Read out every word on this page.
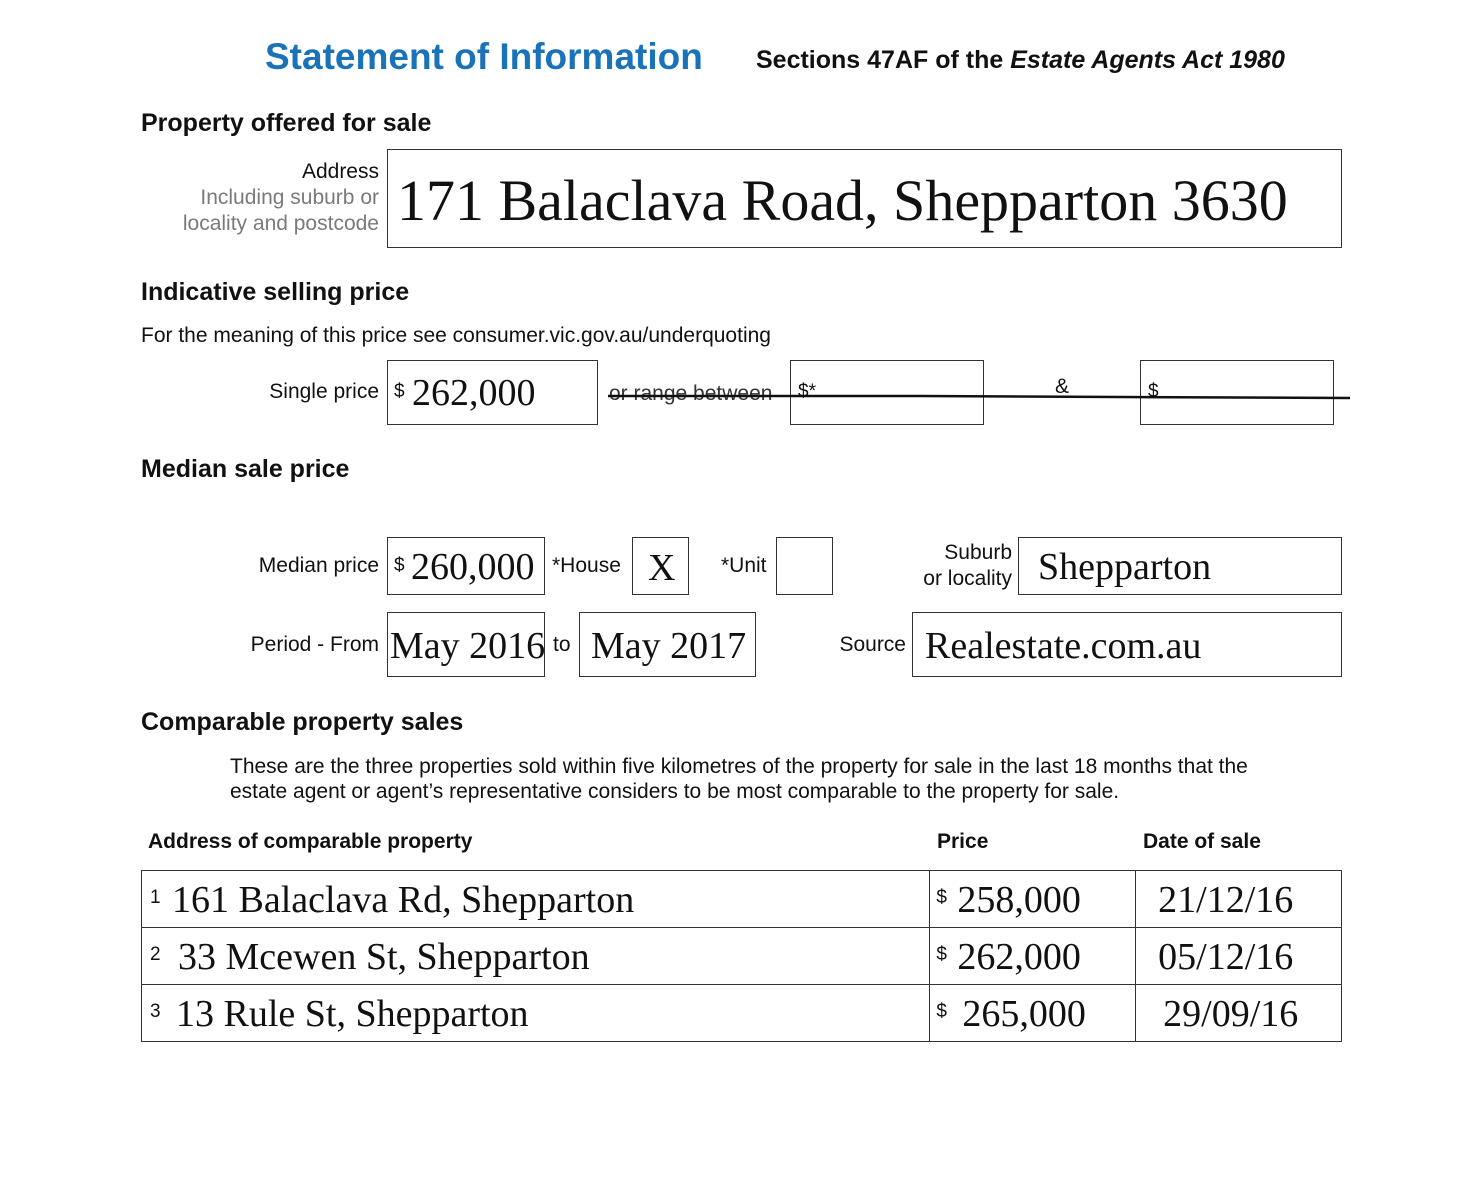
Statement of Information Sections 47AF of the Estate Agents Act 1980
Property offered for sale
Address
Including suburb or
locality and postcode 171 Balaclava Road, Shepparton 3630
Indicative selling price
For the meaning of this price see consumer.vic.gov.au/underquoting
Single price $ 262,000	or range between $*	&	$
Median sale price
Median price $ 260,000 *House X *Unit
Suburb
or locality Shepparton
Period - From May 2016 to May 2017	Source Realestate.com.au
Comparable property sales
These are the three properties sold within five kilometres of the property for sale in the last 18 months that the
estate agent or agent’s representative considers to be most comparable to the property for sale.
Address of comparable property	Price	Date of sale
1 161 Balaclava Rd, Shepparton	$ 258,000	21/12/16

2 33 Mcewen St, Shepparton	$ 262,000	05/12/16

3 13 Rule St, Shepparton	$ 265,000	29/09/16
